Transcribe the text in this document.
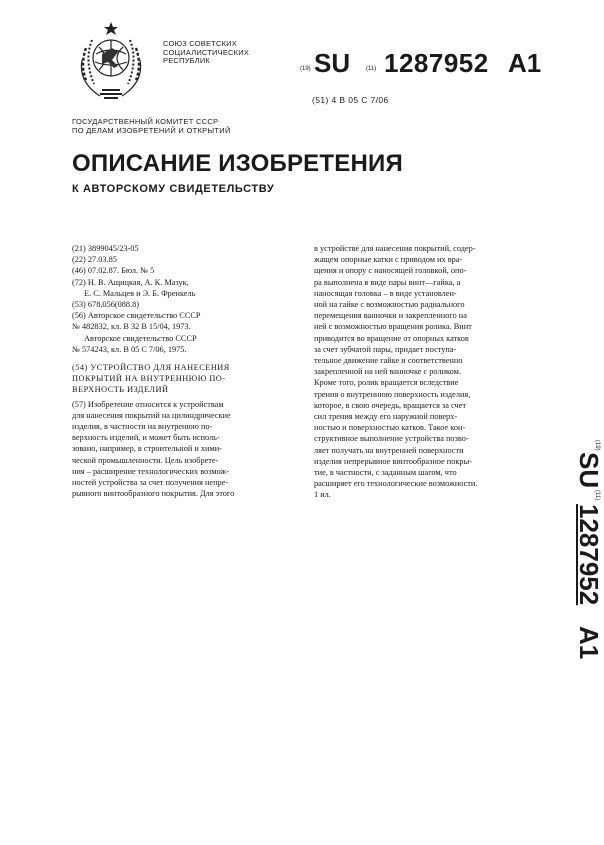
СОЮЗ СОВЕТСКИХ
СОЦИАЛИСТИЧЕСКИХ
РЕСПУБЛИК
(19) SU	(11) 1287952 A1
(51) 4 B 05 C 7/06
ГОСУДАРСТВЕННЫЙ КОМИТЕТ СССР
ПО ДЕЛАМ ИЗОБРЕТЕНИЙ И ОТКРЫТИЙ
ОПИСАНИЕ ИЗОБРЕТЕНИЯ
К АВТОРСКОМУ СВИДЕТЕЛЬСТВУ
(21) 3899045/23-05
(22) 27.03.85
(46) 07.02.87. Бюл. № 5
(72) Н. В. Ащицкая, А. К. Мазук,
Е. С. Мальцев и Э. Б. Френкель
(53) 678.056(088.8)
(56) Авторское свидетельство СССР
№ 482832, кл. B 32 B 15/04, 1973.
Авторское свидетельство СССР
№ 574243, кл. B 05 C 7/06, 1975.
(54) УСТРОЙСТВО ДЛЯ НАНЕСЕНИЯ
ПОКРЫТИЙ НА ВНУТРЕННЮЮ ПО-
ВЕРХНОСТЬ ИЗДЕЛИЙ
(57) Изобретение относится к устройствам
для нанесения покрытий на цилиндрические
изделия, в частности на внутренюю по-
верхность изделий, и может быть исполь-
зовано, например, в строительной и хими-
ческой промышленности. Цель изобрете-
ния – расширение технологических возмож-
ностей устройства за счет получения непре-
рывного винтообразного покрытия. Для этого
в устройстве для нанесения покрытий, содер-
жащем опорные катки с приводом их вра-
щения и опору с наносящей головкой, опо-
ра выполнена в виде пары винт—гайка, а
наносящая головка – в виде установлен-
ной на гайке с возможностью радиального
перемещения ванночки и закрепленного на
ней с возможностью вращения ролика. Винт
приводится во вращение от опорных катков
за счет зубчатой пары, придает поступа-
тельное движение гайке и соответственно
закрепленной на ней ванночке с роликом.
Кроме того, ролик вращается вследствие
трения о внутреннюю поверхность изделия,
которое, в свою очередь, вращается за счет
сил трения между его наружной поверх-
ностью и поверхностью катков. Такое кон-
структивное выполнение устройства позво-
ляет получать на внутренней поверхности
изделия непрерывное винтообразное покры-
тие, в частности, с заданным шагом, что
расширяет его технологические возможности.
1 ил.
(19)
SU
(11)
1287952
A1
